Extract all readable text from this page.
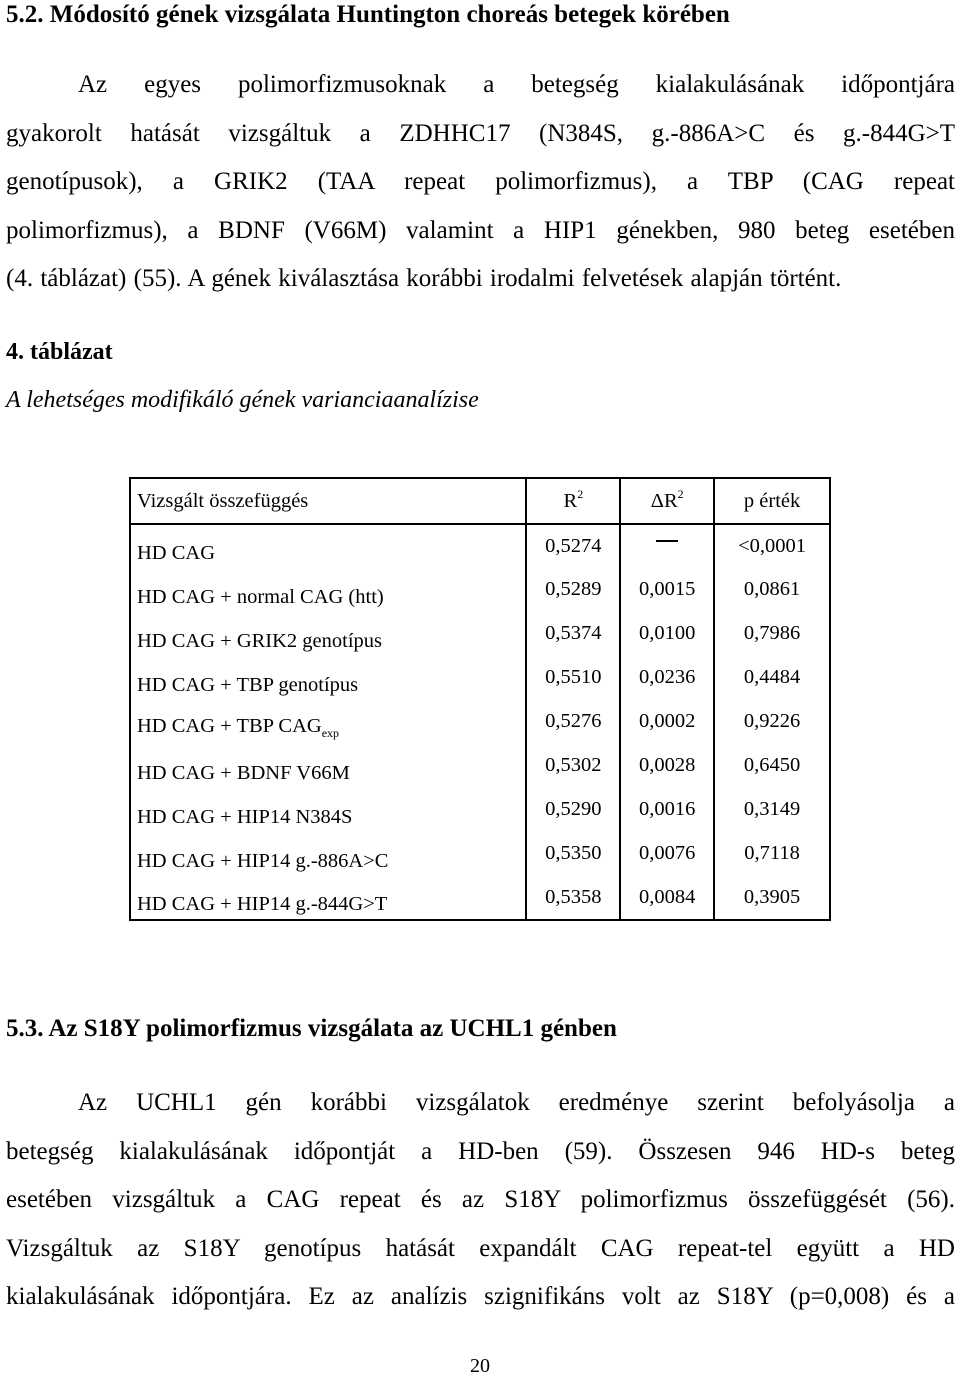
5.2. Módosító gének vizsgálata Huntington choreás betegek körében
Az egyes polimorfizmusoknak a betegség kialakulásának időpontjára
gyakorolt hatását vizsgáltuk a ZDHHC17 (N384S, g.-886A>C és g.-844G>T
genotípusok), a GRIK2 (TAA repeat polimorfizmus), a TBP (CAG repeat
polimorfizmus), a BDNF (V66M) valamint a HIP1 génekben, 980 beteg esetében
(4. táblázat) (55). A gének kiválasztása korábbi irodalmi felvetések alapján történt.
4. táblázat
A lehetséges modifikáló gének varianciaanalízise
Vizsgált összefüggés	$R^2$	$\Delta R^2$	p érték
HD CAG	0,5274		<0,0001
HD CAG + normal CAG (htt)	0,5289	0,0015	0,0861
HD CAG + GRIK2 genotípus	0,5374	0,0100	0,7986
HD CAG + TBP genotípus	0,5510	0,0236	0,4484
HD CAG + TBP $CAG_{exp}$	0,5276	0,0002	0,9226
HD CAG + BDNF V66M	0,5302	0,0028	0,6450
HD CAG + HIP14 N384S	0,5290	0,0016	0,3149
HD CAG + HIP14 g.-886A>C	0,5350	0,0076	0,7118
HD CAG + HIP14 g.-844G>T	0,5358	0,0084	0,3905
5.3. Az S18Y polimorfizmus vizsgálata az UCHL1 génben
Az UCHL1 gén korábbi vizsgálatok eredménye szerint befolyásolja a
betegség kialakulásának időpontját a HD-ben (59). Összesen 946 HD-s beteg
esetében vizsgáltuk a CAG repeat és az S18Y polimorfizmus összefüggését (56).
Vizsgáltuk az S18Y genotípus hatását expandált CAG repeat-tel együtt a HD
kialakulásának időpontjára. Ez az analízis szignifikáns volt az S18Y (p=0,008) és a
20
